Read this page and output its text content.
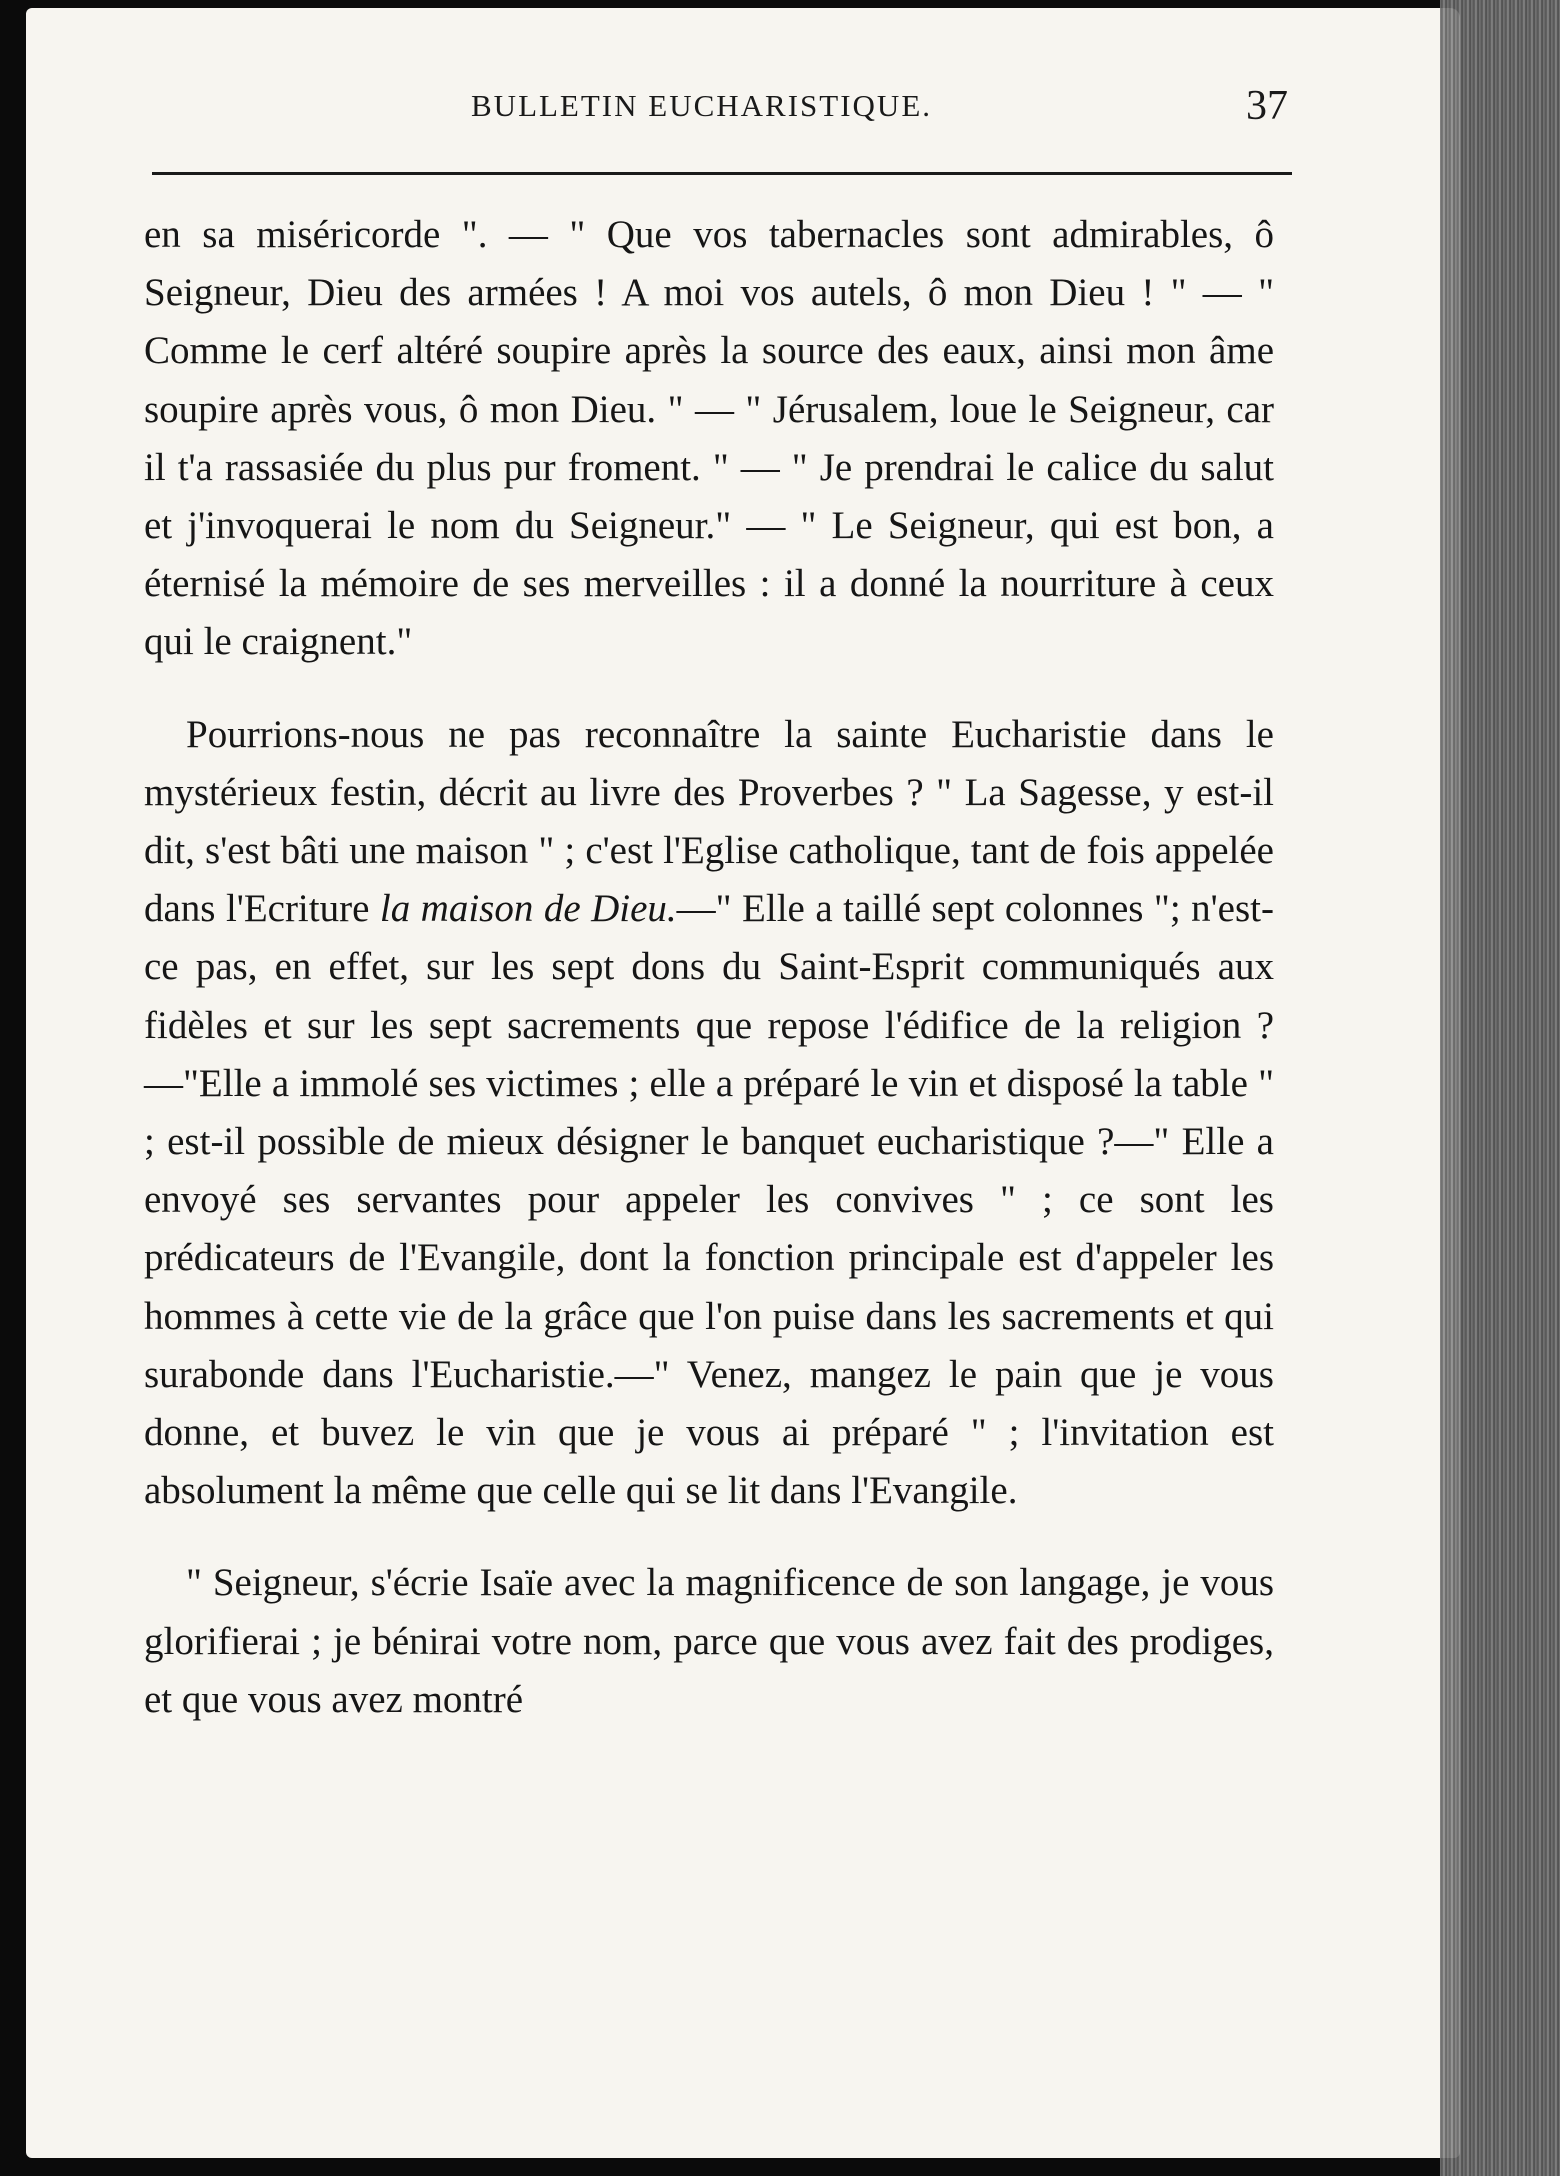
BULLETIN EUCHARISTIQUE.	37

en sa miséricorde ". — " Que vos tabernacles sont admirables, ô Seigneur, Dieu des armées ! A moi vos autels, ô mon Dieu ! " — " Comme le cerf altéré soupire après la source des eaux, ainsi mon âme soupire après vous, ô mon Dieu. " — " Jérusalem, loue le Seigneur, car il t'a rassasiée du plus pur froment. " — " Je prendrai le calice du salut et j'invoquerai le nom du Seigneur." — " Le Seigneur, qui est bon, a éternisé la mémoire de ses merveilles : il a donné la nourriture à ceux qui le craignent."

Pourrions-nous ne pas reconnaître la sainte Eucharistie dans le mystérieux festin, décrit au livre des Proverbes ? " La Sagesse, y est-il dit, s'est bâti une maison " ; c'est l'Eglise catholique, tant de fois appelée dans l'Ecriture la maison de Dieu.—" Elle a taillé sept colonnes "; n'est-ce pas, en effet, sur les sept dons du Saint-Esprit communiqués aux fidèles et sur les sept sacrements que repose l'édifice de la religion ?—"Elle a immolé ses victimes ; elle a préparé le vin et disposé la table " ; est-il possible de mieux désigner le banquet eucharistique ?—" Elle a envoyé ses servantes pour appeler les convives " ; ce sont les prédicateurs de l'Evangile, dont la fonction principale est d'appeler les hommes à cette vie de la grâce que l'on puise dans les sacrements et qui surabonde dans l'Eucharistie.—" Venez, mangez le pain que je vous donne, et buvez le vin que je vous ai préparé " ; l'invitation est absolument la même que celle qui se lit dans l'Evangile.

" Seigneur, s'écrie Isaïe avec la magnificence de son langage, je vous glorifierai ; je bénirai votre nom, parce que vous avez fait des prodiges, et que vous avez montré
